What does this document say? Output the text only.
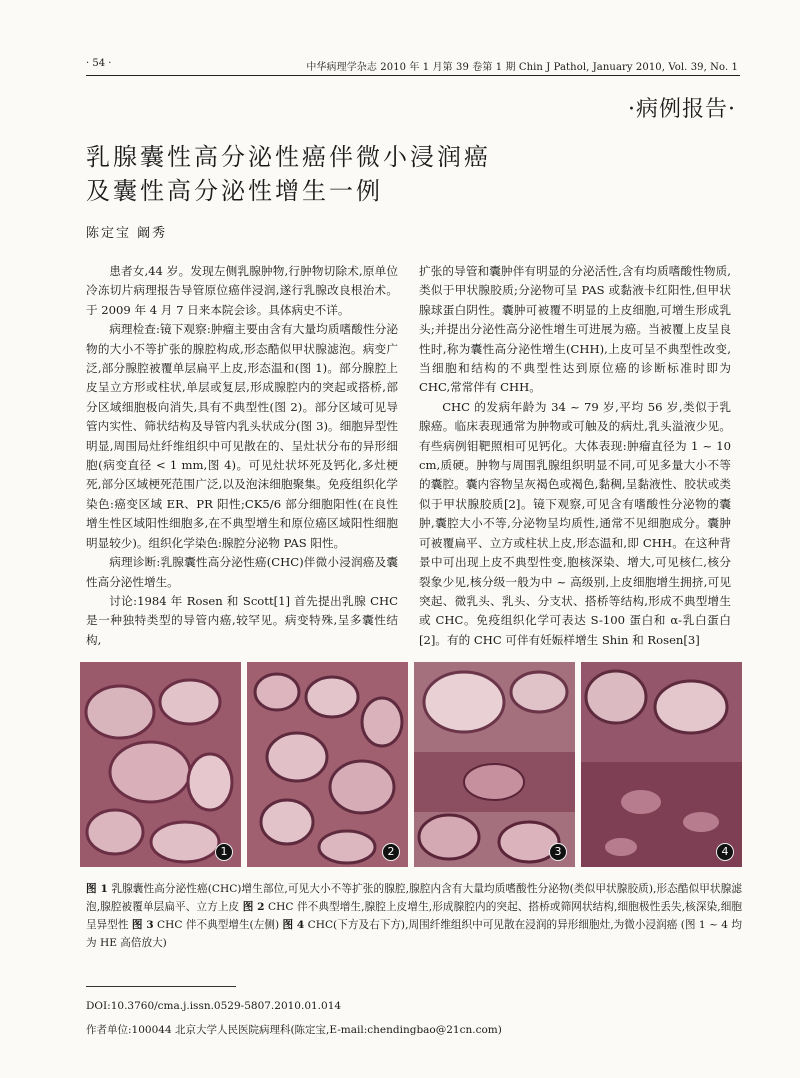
· 54 ·	中华病理学杂志 2010 年 1 月第 39 卷第 1 期 Chin J Pathol, January 2010, Vol. 39, No. 1
·病例报告·
乳腺囊性高分泌性癌伴微小浸润癌
及囊性高分泌性增生一例
陈定宝 阚秀

患者女,44 岁。发现左侧乳腺肿物,行肿物切除术,原单位冷冻切片病理报告导管原位癌伴浸润,遂行乳腺改良根治术。于 2009 年 4 月 7 日来本院会诊。具体病史不详。

病理检查:镜下观察:肿瘤主要由含有大量均质嗜酸性分泌物的大小不等扩张的腺腔构成,形态酷似甲状腺滤泡。病变广泛,部分腺腔被覆单层扁平上皮,形态温和(图 1)。部分腺腔上皮呈立方形或柱状,单层或复层,形成腺腔内的突起或搭桥,部分区域细胞极向消失,具有不典型性(图 2)。部分区域可见导管内实性、筛状结构及导管内乳头状成分(图 3)。细胞异型性明显,周围局灶纤维组织中可见散在的、呈灶状分布的异形细胞(病变直径 < 1 mm,图 4)。可见灶状坏死及钙化,多灶梗死,部分区域梗死范围广泛,以及泡沫细胞聚集。免疫组织化学染色:癌变区域 ER、PR 阳性;CK5/6 部分细胞阳性(在良性增生性区域阳性细胞多,在不典型增生和原位癌区域阳性细胞明显较少)。组织化学染色:腺腔分泌物 PAS 阳性。

病理诊断:乳腺囊性高分泌性癌(CHC)伴微小浸润癌及囊性高分泌性增生。

讨论:1984 年 Rosen 和 Scott[1] 首先提出乳腺 CHC 是一种独特类型的导管内癌,较罕见。病变特殊,呈多囊性结构,

扩张的导管和囊肿伴有明显的分泌活性,含有均质嗜酸性物质,类似于甲状腺胶质;分泌物可呈 PAS 或黏液卡红阳性,但甲状腺球蛋白阴性。囊肿可被覆不明显的上皮细胞,可增生形成乳头;并提出分泌性高分泌性增生可进展为癌。当被覆上皮呈良性时,称为囊性高分泌性增生(CHH),上皮可呈不典型性改变,当细胞和结构的不典型性达到原位癌的诊断标准时即为 CHC,常常伴有 CHH。

CHC 的发病年龄为 34 ~ 79 岁,平均 56 岁,类似于乳腺癌。临床表现通常为肿物或可触及的病灶,乳头溢液少见。有些病例钼靶照相可见钙化。大体表现:肿瘤直径为 1 ~ 10 cm,质硬。肿物与周围乳腺组织明显不同,可见多量大小不等的囊腔。囊内容物呈灰褐色或褐色,黏稠,呈黏液性、胶状或类似于甲状腺胶质[2]。镜下观察,可见含有嗜酸性分泌物的囊肿,囊腔大小不等,分泌物呈均质性,通常不见细胞成分。囊肿可被覆扁平、立方或柱状上皮,形态温和,即 CHH。在这种背景中可出现上皮不典型性变,胞核深染、增大,可见核仁,核分裂象少见,核分级一般为中 ~ 高级别,上皮细胞增生拥挤,可见突起、微乳头、乳头、分支状、搭桥等结构,形成不典型增生或 CHC。免疫组织化学可表达 S-100 蛋白和 α-乳白蛋白[2]。有的 CHC 可伴有妊娠样增生 Shin 和 Rosen[3]

1	2	3	4
图 1 乳腺囊性高分泌性癌(CHC)增生部位,可见大小不等扩张的腺腔,腺腔内含有大量均质嗜酸性分泌物(类似甲状腺胶质),形态酷似甲状腺滤泡,腺腔被覆单层扁平、立方上皮 图 2 CHC 伴不典型增生,腺腔上皮增生,形成腺腔内的突起、搭桥或筛网状结构,细胞极性丢失,核深染,细胞呈异型性 图 3 CHC 伴不典型增生(左侧) 图 4 CHC(下方及右下方),周围纤维组织中可见散在浸润的异形细胞灶,为微小浸润癌 (图 1 ~ 4 均为 HE 高倍放大)
DOI:10.3760/cma.j.issn.0529-5807.2010.01.014
作者单位:100044 北京大学人民医院病理科(陈定宝,E-mail:chendingbao@21cn.com)
